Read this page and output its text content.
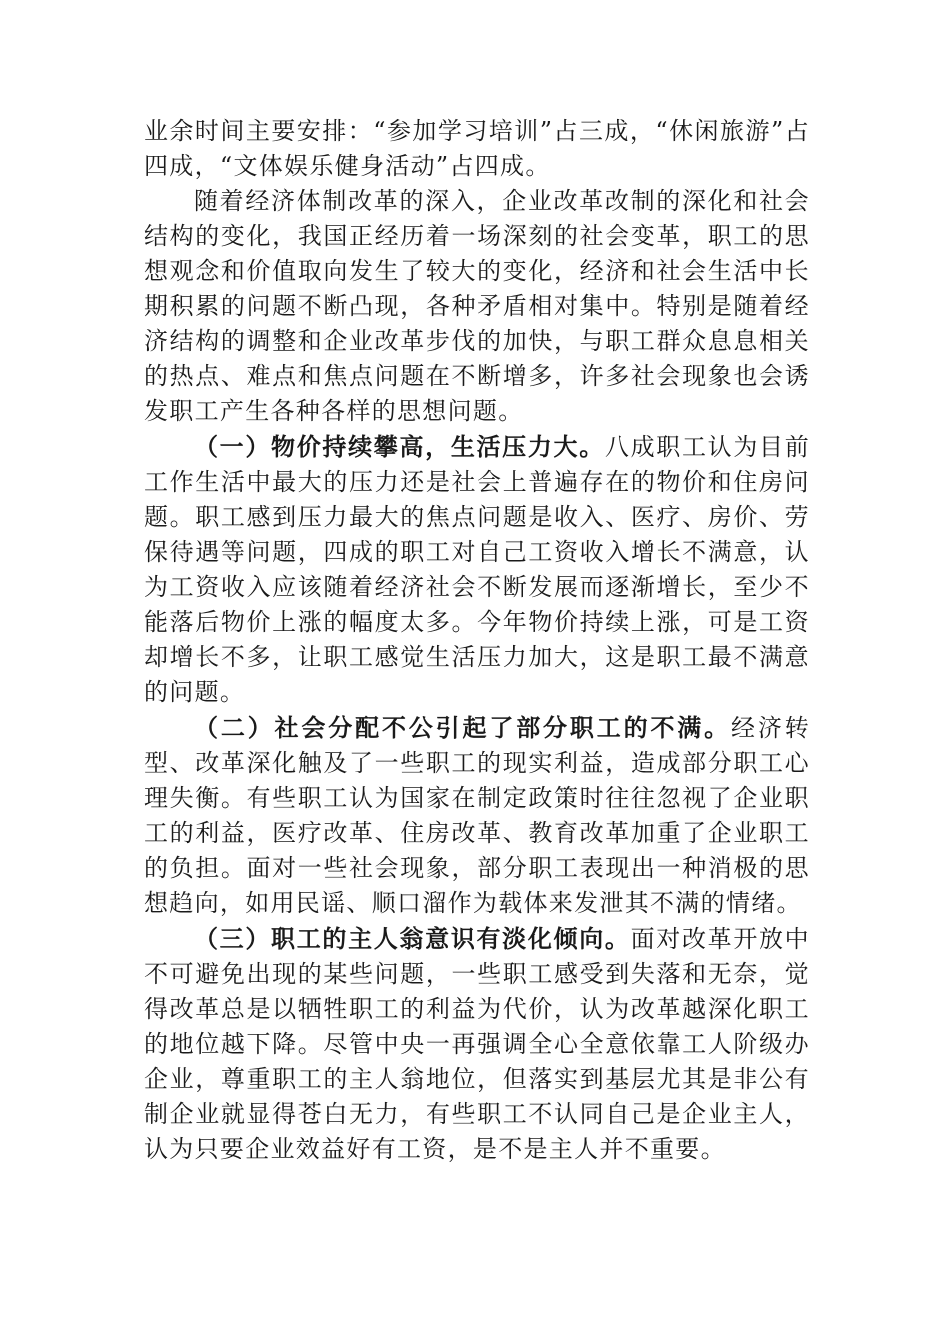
业余时间主要安排：“参加学习培训”占三成，“休闲旅游”占四成，“文体娱乐健身活动”占四成。

随着经济体制改革的深入，企业改革改制的深化和社会结构的变化，我国正经历着一场深刻的社会变革，职工的思想观念和价值取向发生了较大的变化，经济和社会生活中长期积累的问题不断凸现，各种矛盾相对集中。特别是随着经济结构的调整和企业改革步伐的加快，与职工群众息息相关的热点、难点和焦点问题在不断增多，许多社会现象也会诱发职工产生各种各样的思想问题。

（一）物价持续攀高，生活压力大。八成职工认为目前工作生活中最大的压力还是社会上普遍存在的物价和住房问题。职工感到压力最大的焦点问题是收入、医疗、房价、劳保待遇等问题，四成的职工对自己工资收入增长不满意，认为工资收入应该随着经济社会不断发展而逐渐增长，至少不能落后物价上涨的幅度太多。今年物价持续上涨，可是工资却增长不多，让职工感觉生活压力加大，这是职工最不满意的问题。

（二）社会分配不公引起了部分职工的不满。经济转型、改革深化触及了一些职工的现实利益，造成部分职工心理失衡。有些职工认为国家在制定政策时往往忽视了企业职工的利益，医疗改革、住房改革、教育改革加重了企业职工的负担。面对一些社会现象，部分职工表现出一种消极的思想趋向，如用民谣、顺口溜作为载体来发泄其不满的情绪。

（三）职工的主人翁意识有淡化倾向。面对改革开放中不可避免出现的某些问题，一些职工感受到失落和无奈，觉得改革总是以牺牲职工的利益为代价，认为改革越深化职工的地位越下降。尽管中央一再强调全心全意依靠工人阶级办企业，尊重职工的主人翁地位，但落实到基层尤其是非公有制企业就显得苍白无力，有些职工不认同自己是企业主人，认为只要企业效益好有工资，是不是主人并不重要。
